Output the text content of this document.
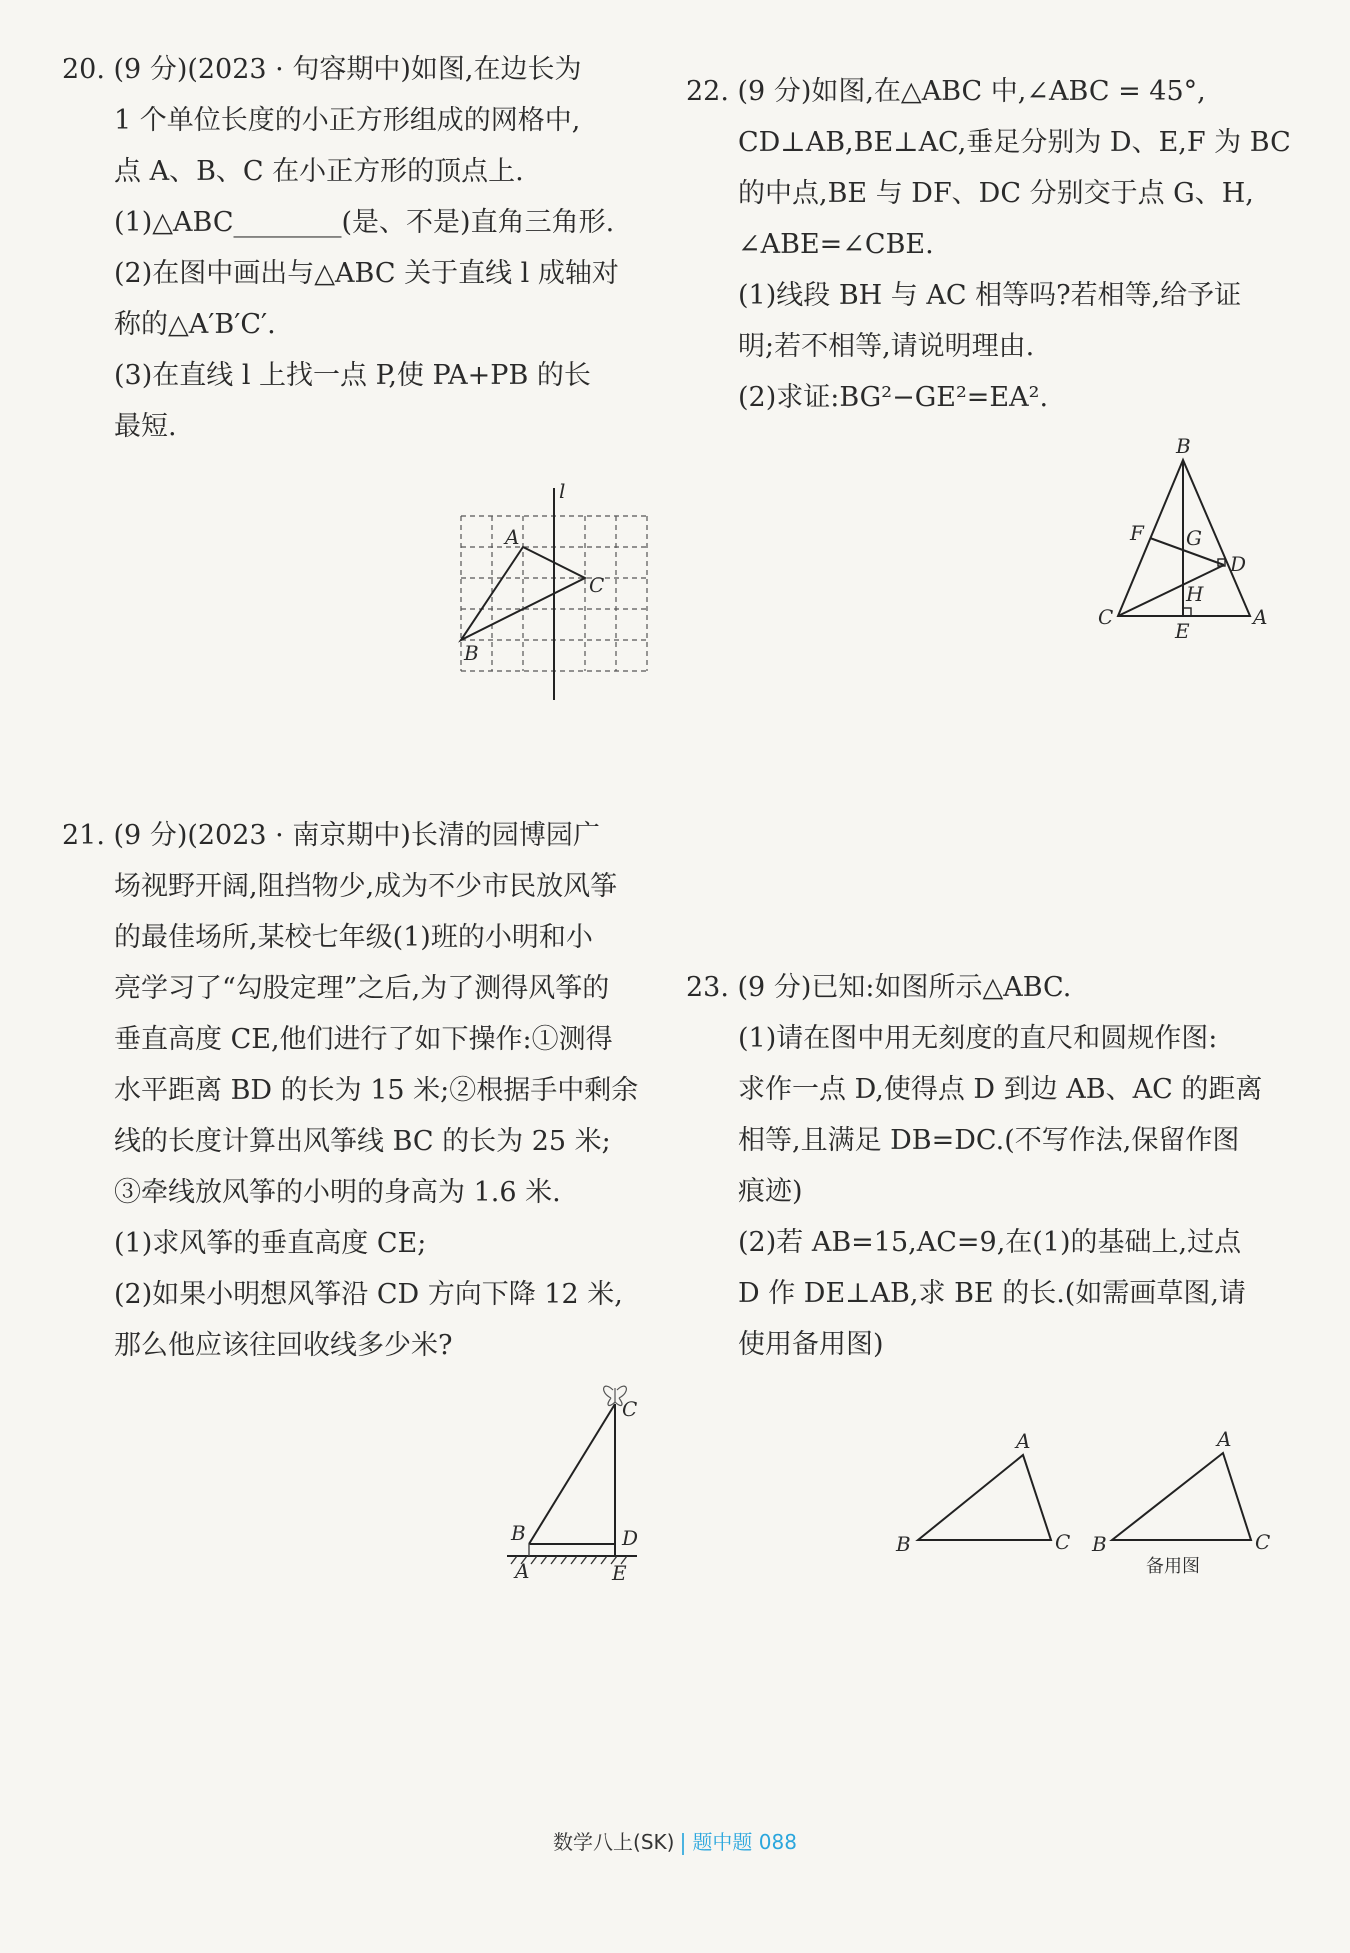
20. (9 分)(2023 · 句容期中)如图,在边长为
1 个单位长度的小正方形组成的网格中,
点 A、B、C 在小正方形的顶点上.
(1)△ABC________(是、不是)直角三角形.
(2)在图中画出与△ABC 关于直线 l 成轴对
称的△A′B′C′.
(3)在直线 l 上找一点 P,使 PA+PB 的长
最短.
l
A
C
B
22. (9 分)如图,在△ABC 中,∠ABC = 45°,
CD⊥AB,BE⊥AC,垂足分别为 D、E,F 为 BC
的中点,BE 与 DF、DC 分别交于点 G、H,
∠ABE=∠CBE.
(1)线段 BH 与 AC 相等吗?若相等,给予证
明;若不相等,请说明理由.
(2)求证:BG²−GE²=EA².
B
F G
D
H
C
E
A
21. (9 分)(2023 · 南京期中)长清的园博园广
场视野开阔,阻挡物少,成为不少市民放风筝
的最佳场所,某校七年级(1)班的小明和小
亮学习了“勾股定理”之后,为了测得风筝的
垂直高度 CE,他们进行了如下操作:①测得
水平距离 BD 的长为 15 米;②根据手中剩余
线的长度计算出风筝线 BC 的长为 25 米;
③牵线放风筝的小明的身高为 1.6 米.
(1)求风筝的垂直高度 CE;
(2)如果小明想风筝沿 CD 方向下降 12 米,
那么他应该往回收线多少米?
C
B	D
A	E
23. (9 分)已知:如图所示△ABC.
(1)请在图中用无刻度的直尺和圆规作图:
求作一点 D,使得点 D 到边 AB、AC 的距离
相等,且满足 DB=DC.(不写作法,保留作图
痕迹)
(2)若 AB=15,AC=9,在(1)的基础上,过点
D 作 DE⊥AB,求 BE 的长.(如需画草图,请
使用备用图)
A
B	C
A
B	C
备用图
数学八上(SK) 题中题 088
